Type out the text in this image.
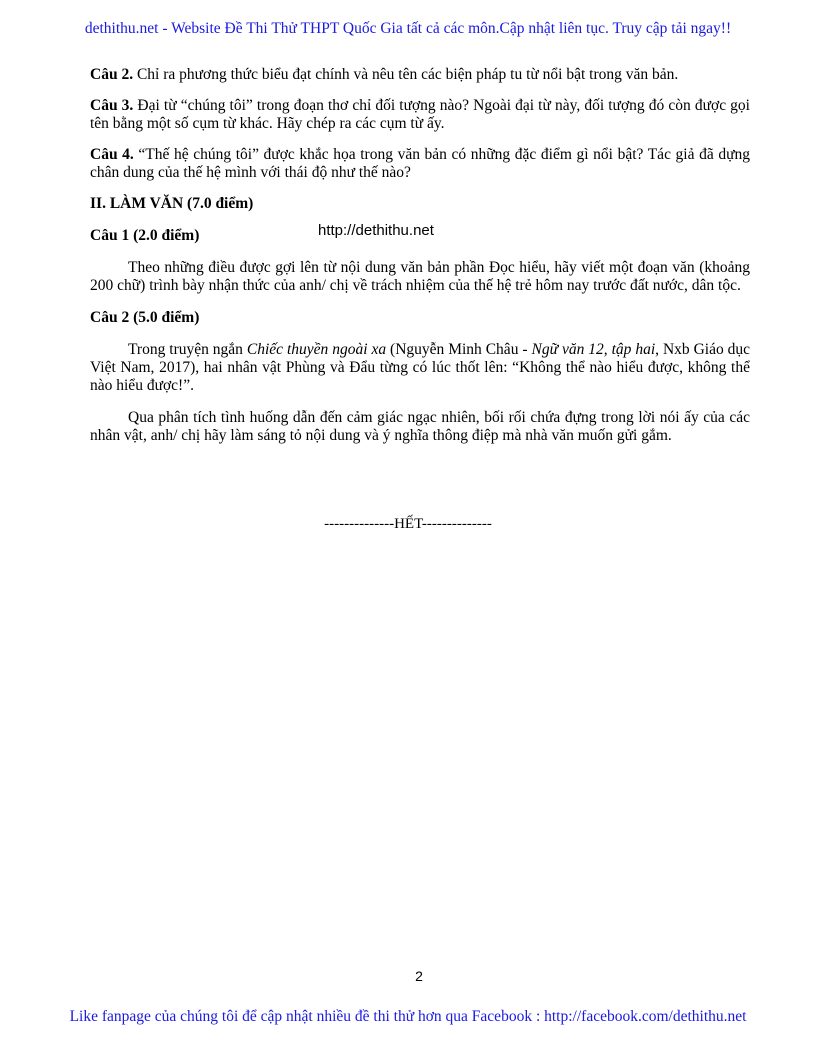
dethithu.net - Website Đề Thi Thử THPT Quốc Gia tất cả các môn.Cập nhật liên tục. Truy cập tải ngay!!

Câu 2. Chỉ ra phương thức biểu đạt chính và nêu tên các biện pháp tu từ nổi bật trong văn bản.

Câu 3. Đại từ “chúng tôi” trong đoạn thơ chỉ đối tượng nào? Ngoài đại từ này, đối tượng đó còn được gọi tên bằng một số cụm từ khác. Hãy chép ra các cụm từ ấy.

Câu 4. “Thế hệ chúng tôi” được khắc họa trong văn bản có những đặc điểm gì nổi bật? Tác giả đã dựng chân dung của thế hệ mình với thái độ như thế nào?

II. LÀM VĂN (7.0 điểm)

Câu 1 (2.0 điểm)

Theo những điều được gợi lên từ nội dung văn bản phần Đọc hiểu, hãy viết một đoạn văn (khoảng 200 chữ) trình bày nhận thức của anh/ chị về trách nhiệm của thế hệ trẻ hôm nay trước đất nước, dân tộc.

Câu 2 (5.0 điểm)

Trong truyện ngắn Chiếc thuyền ngoài xa (Nguyễn Minh Châu - Ngữ văn 12, tập hai, Nxb Giáo dục Việt Nam, 2017), hai nhân vật Phùng và Đẩu từng có lúc thốt lên: “Không thể nào hiểu được, không thể nào hiểu được!”.

Qua phân tích tình huống dẫn đến cảm giác ngạc nhiên, bối rối chứa đựng trong lời nói ấy của các nhân vật, anh/ chị hãy làm sáng tỏ nội dung và ý nghĩa thông điệp mà nhà văn muốn gửi gắm.

http://dethithu.net
--------------HẾT--------------
2
Like fanpage của chúng tôi để cập nhật nhiều đề thi thử hơn qua Facebook : http://facebook.com/dethithu.net
